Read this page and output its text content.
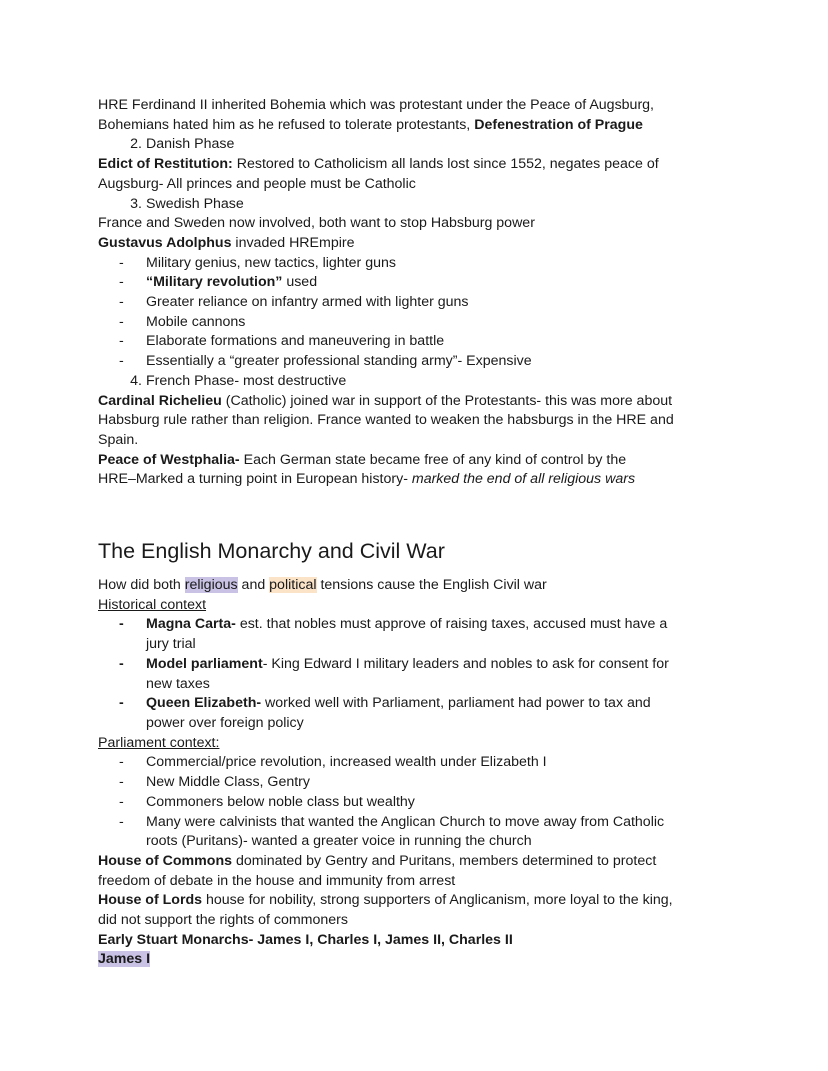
HRE Ferdinand II inherited Bohemia which was protestant under the Peace of Augsburg,
Bohemians hated him as he refused to tolerate protestants, Defenestration of Prague
2. Danish Phase
Edict of Restitution: Restored to Catholicism all lands lost since 1552, negates peace of
Augsburg- All princes and people must be Catholic
3. Swedish Phase
France and Sweden now involved, both want to stop Habsburg power
Gustavus Adolphus invaded HREmpire
- Military genius, new tactics, lighter guns
- “Military revolution” used
- Greater reliance on infantry armed with lighter guns
- Mobile cannons
- Elaborate formations and maneuvering in battle
- Essentially a “greater professional standing army”- Expensive
4. French Phase- most destructive
Cardinal Richelieu (Catholic) joined war in support of the Protestants- this was more about
Habsburg rule rather than religion. France wanted to weaken the habsburgs in the HRE and
Spain.
Peace of Westphalia- Each German state became free of any kind of control by the
HRE–Marked a turning point in European history- marked the end of all religious wars
The English Monarchy and Civil War
How did both religious and political tensions cause the English Civil war
Historical context
- Magna Carta- est. that nobles must approve of raising taxes, accused must have a
jury trial
- Model parliament- King Edward I military leaders and nobles to ask for consent for
new taxes
- Queen Elizabeth- worked well with Parliament, parliament had power to tax and
power over foreign policy
Parliament context:
- Commercial/price revolution, increased wealth under Elizabeth I
- New Middle Class, Gentry
- Commoners below noble class but wealthy
- Many were calvinists that wanted the Anglican Church to move away from Catholic
roots (Puritans)- wanted a greater voice in running the church
House of Commons dominated by Gentry and Puritans, members determined to protect
freedom of debate in the house and immunity from arrest
House of Lords house for nobility, strong supporters of Anglicanism, more loyal to the king,
did not support the rights of commoners
Early Stuart Monarchs- James I, Charles I, James II, Charles II
James I
